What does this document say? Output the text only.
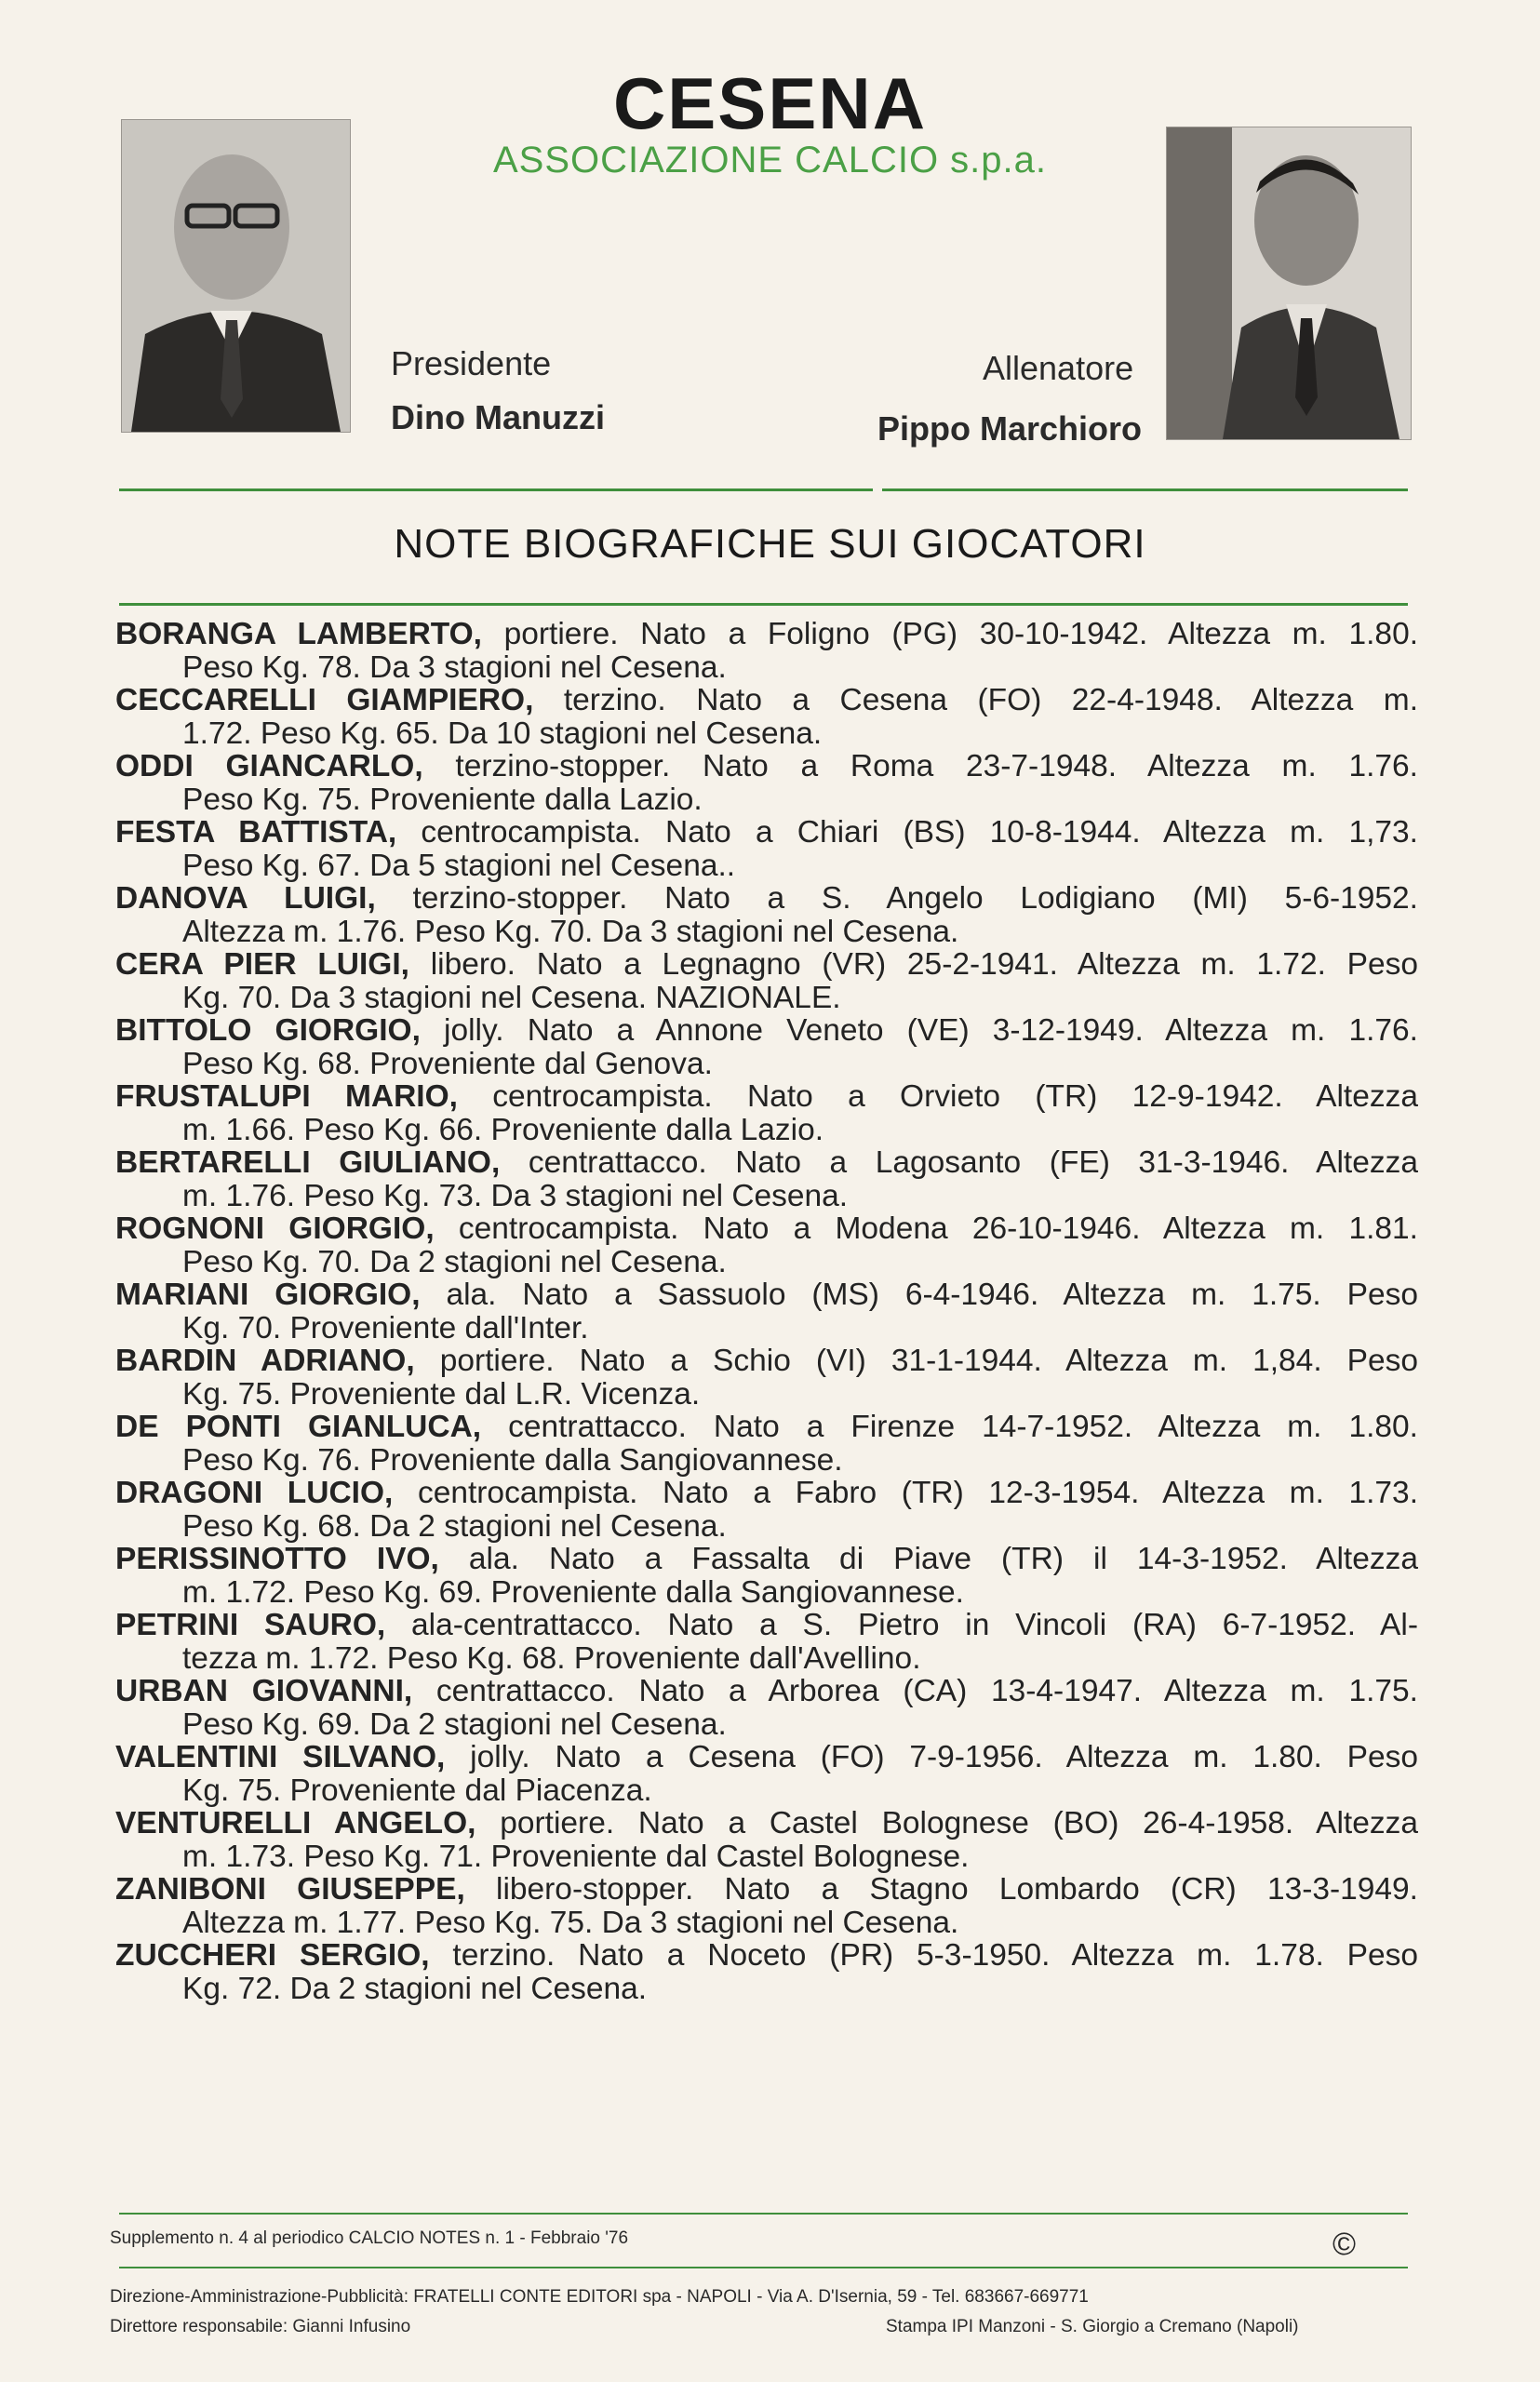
CESENA
ASSOCIAZIONE CALCIO s.p.a.
Presidente
Dino Manuzzi
Allenatore
Pippo Marchioro
NOTE BIOGRAFICHE SUI GIOCATORI
BORANGA LAMBERTO, portiere. Nato a Foligno (PG) 30-10-1942. Altezza m. 1.80.
Peso Kg. 78. Da 3 stagioni nel Cesena.
CECCARELLI GIAMPIERO, terzino. Nato a Cesena (FO) 22-4-1948. Altezza m.
1.72. Peso Kg. 65. Da 10 stagioni nel Cesena.
ODDI GIANCARLO, terzino-stopper. Nato a Roma 23-7-1948. Altezza m. 1.76.
Peso Kg. 75. Proveniente dalla Lazio.
FESTA BATTISTA, centrocampista. Nato a Chiari (BS) 10-8-1944. Altezza m. 1,73.
Peso Kg. 67. Da 5 stagioni nel Cesena..
DANOVA LUIGI, terzino-stopper. Nato a S. Angelo Lodigiano (MI) 5-6-1952.
Altezza m. 1.76. Peso Kg. 70. Da 3 stagioni nel Cesena.
CERA PIER LUIGI, libero. Nato a Legnagno (VR) 25-2-1941. Altezza m. 1.72. Peso
Kg. 70. Da 3 stagioni nel Cesena. NAZIONALE.
BITTOLO GIORGIO, jolly. Nato a Annone Veneto (VE) 3-12-1949. Altezza m. 1.76.
Peso Kg. 68. Proveniente dal Genova.
FRUSTALUPI MARIO, centrocampista. Nato a Orvieto (TR) 12-9-1942. Altezza
m. 1.66. Peso Kg. 66. Proveniente dalla Lazio.
BERTARELLI GIULIANO, centrattacco. Nato a Lagosanto (FE) 31-3-1946. Altezza
m. 1.76. Peso Kg. 73. Da 3 stagioni nel Cesena.
ROGNONI GIORGIO, centrocampista. Nato a Modena 26-10-1946. Altezza m. 1.81.
Peso Kg. 70. Da 2 stagioni nel Cesena.
MARIANI GIORGIO, ala. Nato a Sassuolo (MS) 6-4-1946. Altezza m. 1.75. Peso
Kg. 70. Proveniente dall'Inter.
BARDIN ADRIANO, portiere. Nato a Schio (VI) 31-1-1944. Altezza m. 1,84. Peso
Kg. 75. Proveniente dal L.R. Vicenza.
DE PONTI GIANLUCA, centrattacco. Nato a Firenze 14-7-1952. Altezza m. 1.80.
Peso Kg. 76. Proveniente dalla Sangiovannese.
DRAGONI LUCIO, centrocampista. Nato a Fabro (TR) 12-3-1954. Altezza m. 1.73.
Peso Kg. 68. Da 2 stagioni nel Cesena.
PERISSINOTTO IVO, ala. Nato a Fassalta di Piave (TR) il 14-3-1952. Altezza
m. 1.72. Peso Kg. 69. Proveniente dalla Sangiovannese.
PETRINI SAURO, ala-centrattacco. Nato a S. Pietro in Vincoli (RA) 6-7-1952. Al-
tezza m. 1.72. Peso Kg. 68. Proveniente dall'Avellino.
URBAN GIOVANNI, centrattacco. Nato a Arborea (CA) 13-4-1947. Altezza m. 1.75.
Peso Kg. 69. Da 2 stagioni nel Cesena.
VALENTINI SILVANO, jolly. Nato a Cesena (FO) 7-9-1956. Altezza m. 1.80. Peso
Kg. 75. Proveniente dal Piacenza.
VENTURELLI ANGELO, portiere. Nato a Castel Bolognese (BO) 26-4-1958. Altezza
m. 1.73. Peso Kg. 71. Proveniente dal Castel Bolognese.
ZANIBONI GIUSEPPE, libero-stopper. Nato a Stagno Lombardo (CR) 13-3-1949.
Altezza m. 1.77. Peso Kg. 75. Da 3 stagioni nel Cesena.
ZUCCHERI SERGIO, terzino. Nato a Noceto (PR) 5-3-1950. Altezza m. 1.78. Peso
Kg. 72. Da 2 stagioni nel Cesena.
Supplemento n. 4 al periodico CALCIO NOTES n. 1 - Febbraio '76	©
Direzione-Amministrazione-Pubblicità: FRATELLI CONTE EDITORI spa - NAPOLI - Via A. D'Isernia, 59 - Tel. 683667-669771
Direttore responsabile: Gianni Infusino	Stampa IPI Manzoni - S. Giorgio a Cremano (Napoli)
